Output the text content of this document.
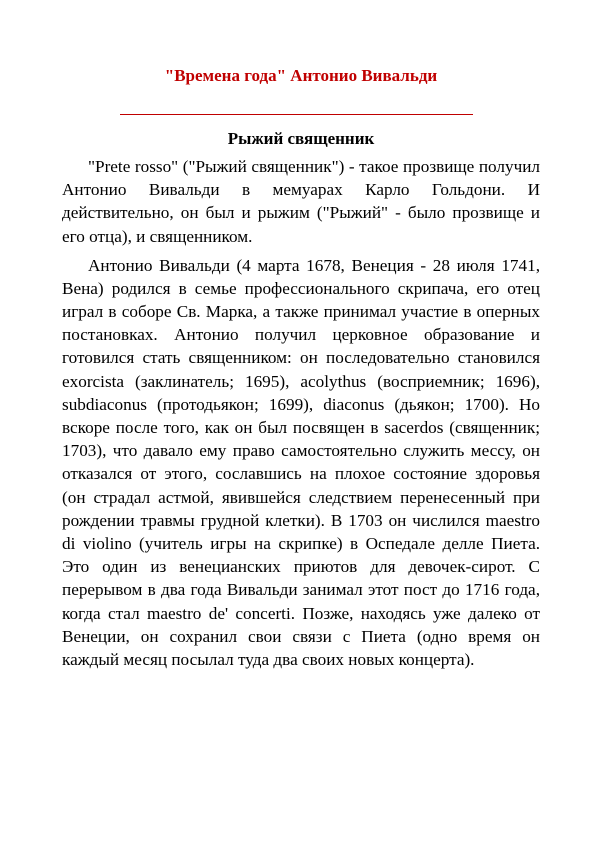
"Времена года" Антонио Вивальди
Рыжий священник

"Prete rosso" ("Рыжий священник") - такое прозвище получил Антонио Вивальди в мемуарах Карло Гольдони. И действительно, он был и рыжим ("Рыжий" - было прозвище и его отца), и священником.

Антонио Вивальди (4 марта 1678, Венеция - 28 июля 1741, Вена) родился в семье профессионального скрипача, его отец играл в соборе Св. Марка, а также принимал участие в оперных постановках. Антонио получил церковное образование и готовился стать священником: он последовательно становился exorcista (заклинатель; 1695), acolythus (восприемник; 1696), subdiaconus (протодьякон; 1699), diaconus (дьякон; 1700). Но вскоре после того, как он был посвящен в sacerdos (священник; 1703), что давало ему право самостоятельно служить мессу, он отказался от этого, сославшись на плохое состояние здоровья (он страдал астмой, явившейся следствием перенесенный при рождении травмы грудной клетки). В 1703 он числился maestro di violino (учитель игры на скрипке) в Оспедале делле Пиета. Это один из венецианских приютов для девочек-сирот. С перерывом в два года Вивальди занимал этот пост до 1716 года, когда стал maestro de' concerti. Позже, находясь уже далеко от Венеции, он сохранил свои связи с Пиета (одно время он каждый месяц посылал туда два своих новых концерта).
